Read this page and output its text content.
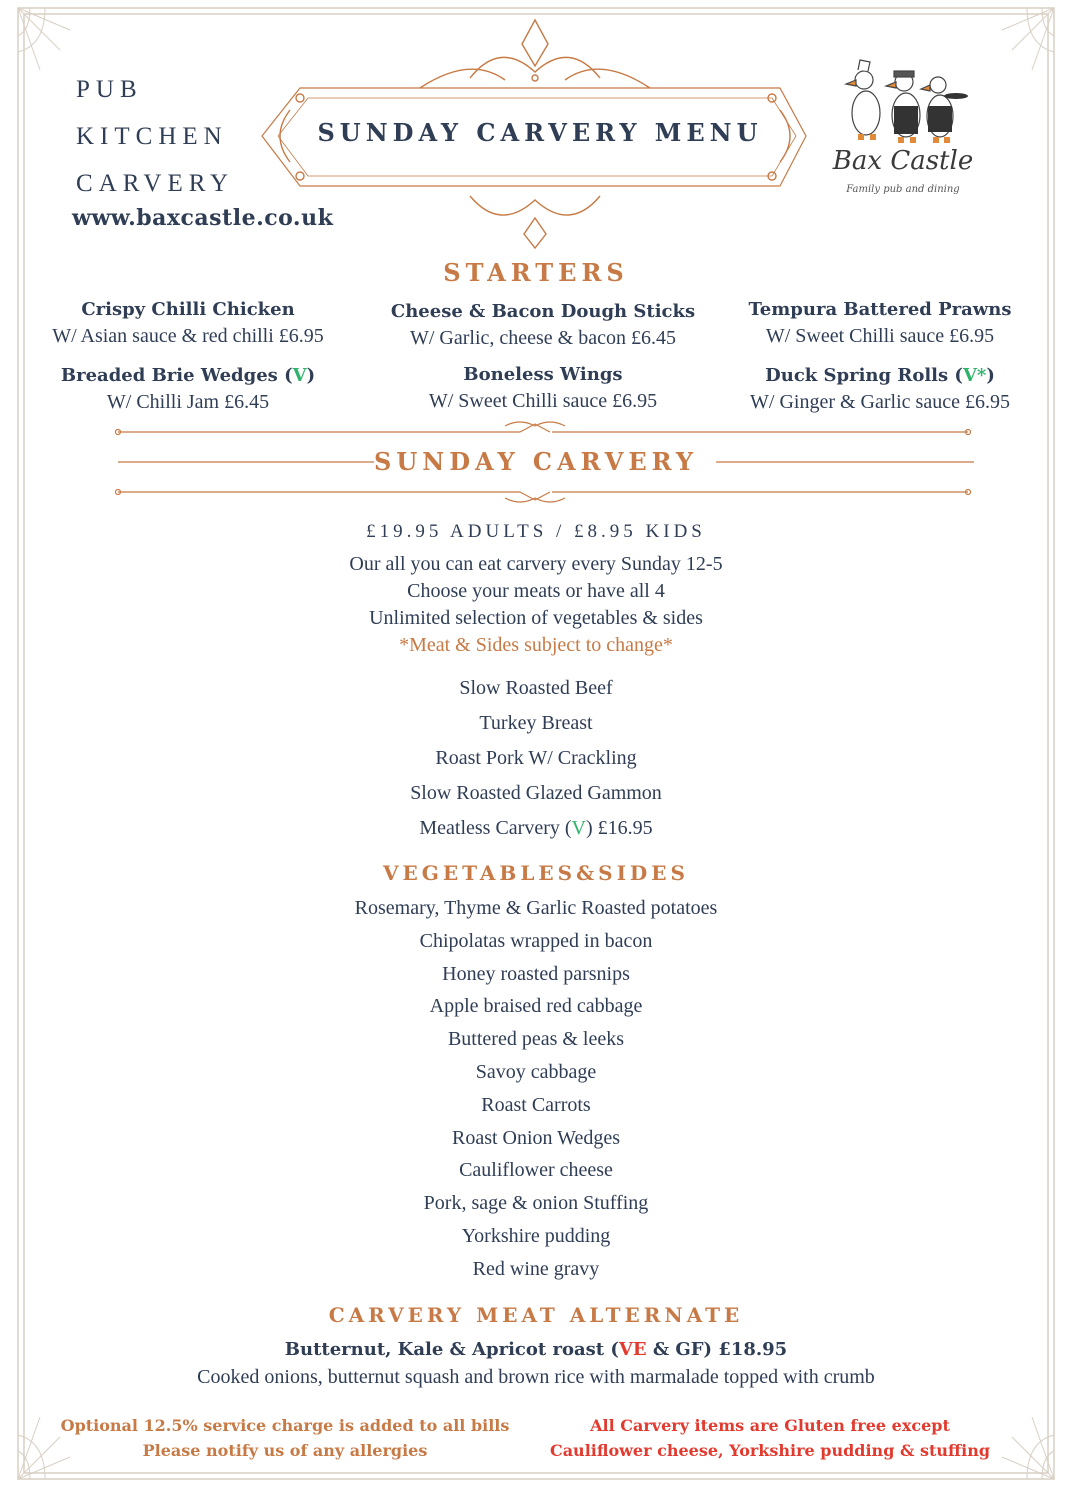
PUB
KITCHEN
CARVERY
www.baxcastle.co.uk
SUNDAY CARVERY MENU
Bax Castle
Family pub and dining
STARTERS
Crispy Chilli Chicken
W/ Asian sauce & red chilli £6.95
Breaded Brie Wedges (V)
W/ Chilli Jam £6.45
Cheese & Bacon Dough Sticks
W/ Garlic, cheese & bacon £6.45
Boneless Wings
W/ Sweet Chilli sauce £6.95
Tempura Battered Prawns
W/ Sweet Chilli sauce £6.95
Duck Spring Rolls (V*)
W/ Ginger & Garlic sauce £6.95
SUNDAY CARVERY
£19.95 ADULTS / £8.95 KIDS
Our all you can eat carvery every Sunday 12-5
Choose your meats or have all 4
Unlimited selection of vegetables & sides
*Meat & Sides subject to change*
Slow Roasted Beef
Turkey Breast
Roast Pork W/ Crackling
Slow Roasted Glazed Gammon
Meatless Carvery (V) £16.95
VEGETABLES&SIDES
Rosemary, Thyme & Garlic Roasted potatoes
Chipolatas wrapped in bacon
Honey roasted parsnips
Apple braised red cabbage
Buttered peas & leeks
Savoy cabbage
Roast Carrots
Roast Onion Wedges
Cauliflower cheese
Pork, sage & onion Stuffing
Yorkshire pudding
Red wine gravy
CARVERY MEAT ALTERNATE
Butternut, Kale & Apricot roast (VE & GF) £18.95
Cooked onions, butternut squash and brown rice with marmalade topped with crumb
Optional 12.5% service charge is added to all bills
Please notify us of any allergies
All Carvery items are Gluten free except
Cauliflower cheese, Yorkshire pudding & stuffing
